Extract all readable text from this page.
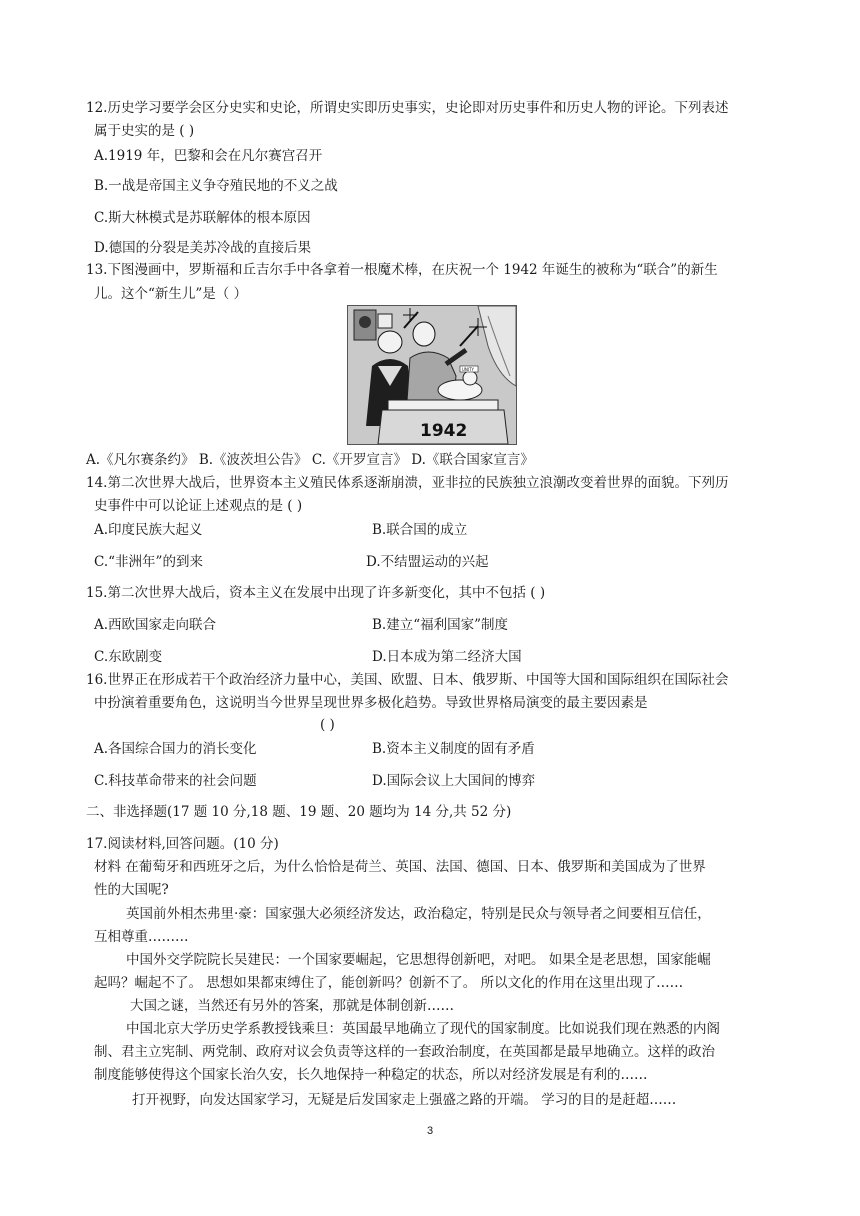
12.历史学习要学会区分史实和史论，所谓史实即历史事实，史论即对历史事件和历史人物的评论。下列表述
属于史实的是 ( )
A.1919 年，巴黎和会在凡尔赛宫召开
B.一战是帝国主义争夺殖民地的不义之战
C.斯大林模式是苏联解体的根本原因
D.德国的分裂是美苏冷战的直接后果
13.下图漫画中，罗斯福和丘吉尔手中各拿着一根魔术棒，在庆祝一个 1942 年诞生的被称为“联合”的新生
儿。这个“新生儿”是（ ）
UNITY
1942
A.《凡尔赛条约》 B.《波茨坦公告》 C.《开罗宣言》 D.《联合国家宣言》
14.第二次世界大战后，世界资本主义殖民体系逐渐崩溃，亚非拉的民族独立浪潮改变着世界的面貌。下列历
史事件中可以论证上述观点的是 ( )
A.印度民族大起义	B.联合国的成立
C.“非洲年”的到来	D.不结盟运动的兴起
15.第二次世界大战后，资本主义在发展中出现了许多新变化，其中不包括 ( )
A.西欧国家走向联合	B.建立“福利国家”制度
C.东欧剧变	D.日本成为第二经济大国
16.世界正在形成若干个政治经济力量中心，美国、欧盟、日本、俄罗斯、中国等大国和国际组织在国际社会
中扮演着重要角色，这说明当今世界呈现世界多极化趋势。导致世界格局演变的最主要因素是
( )
A.各国综合国力的消长变化	B.资本主义制度的固有矛盾
C.科技革命带来的社会问题	D.国际会议上大国间的博弈
二、非选择题(17 题 10 分,18 题、19 题、20 题均为 14 分,共 52 分)
17.阅读材料,回答问题。(10 分)
材料 在葡萄牙和西班牙之后，为什么恰恰是荷兰、英国、法国、德国、日本、俄罗斯和美国成为了世界
性的大国呢?
英国前外相杰弗里·豪：国家强大必须经济发达，政治稳定，特别是民众与领导者之间要相互信任，
互相尊重………
中国外交学院院长吴建民：一个国家要崛起，它思想得创新吧，对吧。 如果全是老思想，国家能崛
起吗？崛起不了。 思想如果都束缚住了，能创新吗？创新不了。 所以文化的作用在这里出现了……
大国之谜，当然还有另外的答案，那就是体制创新……
中国北京大学历史学系教授钱乘旦：英国最早地确立了现代的国家制度。比如说我们现在熟悉的内阁
制、君主立宪制、两党制、政府对议会负责等这样的一套政治制度，在英国都是最早地确立。这样的政治
制度能够使得这个国家长治久安，长久地保持一种稳定的状态，所以对经济发展是有利的……
打开视野，向发达国家学习，无疑是后发国家走上强盛之路的开端。 学习的目的是赶超……
3
